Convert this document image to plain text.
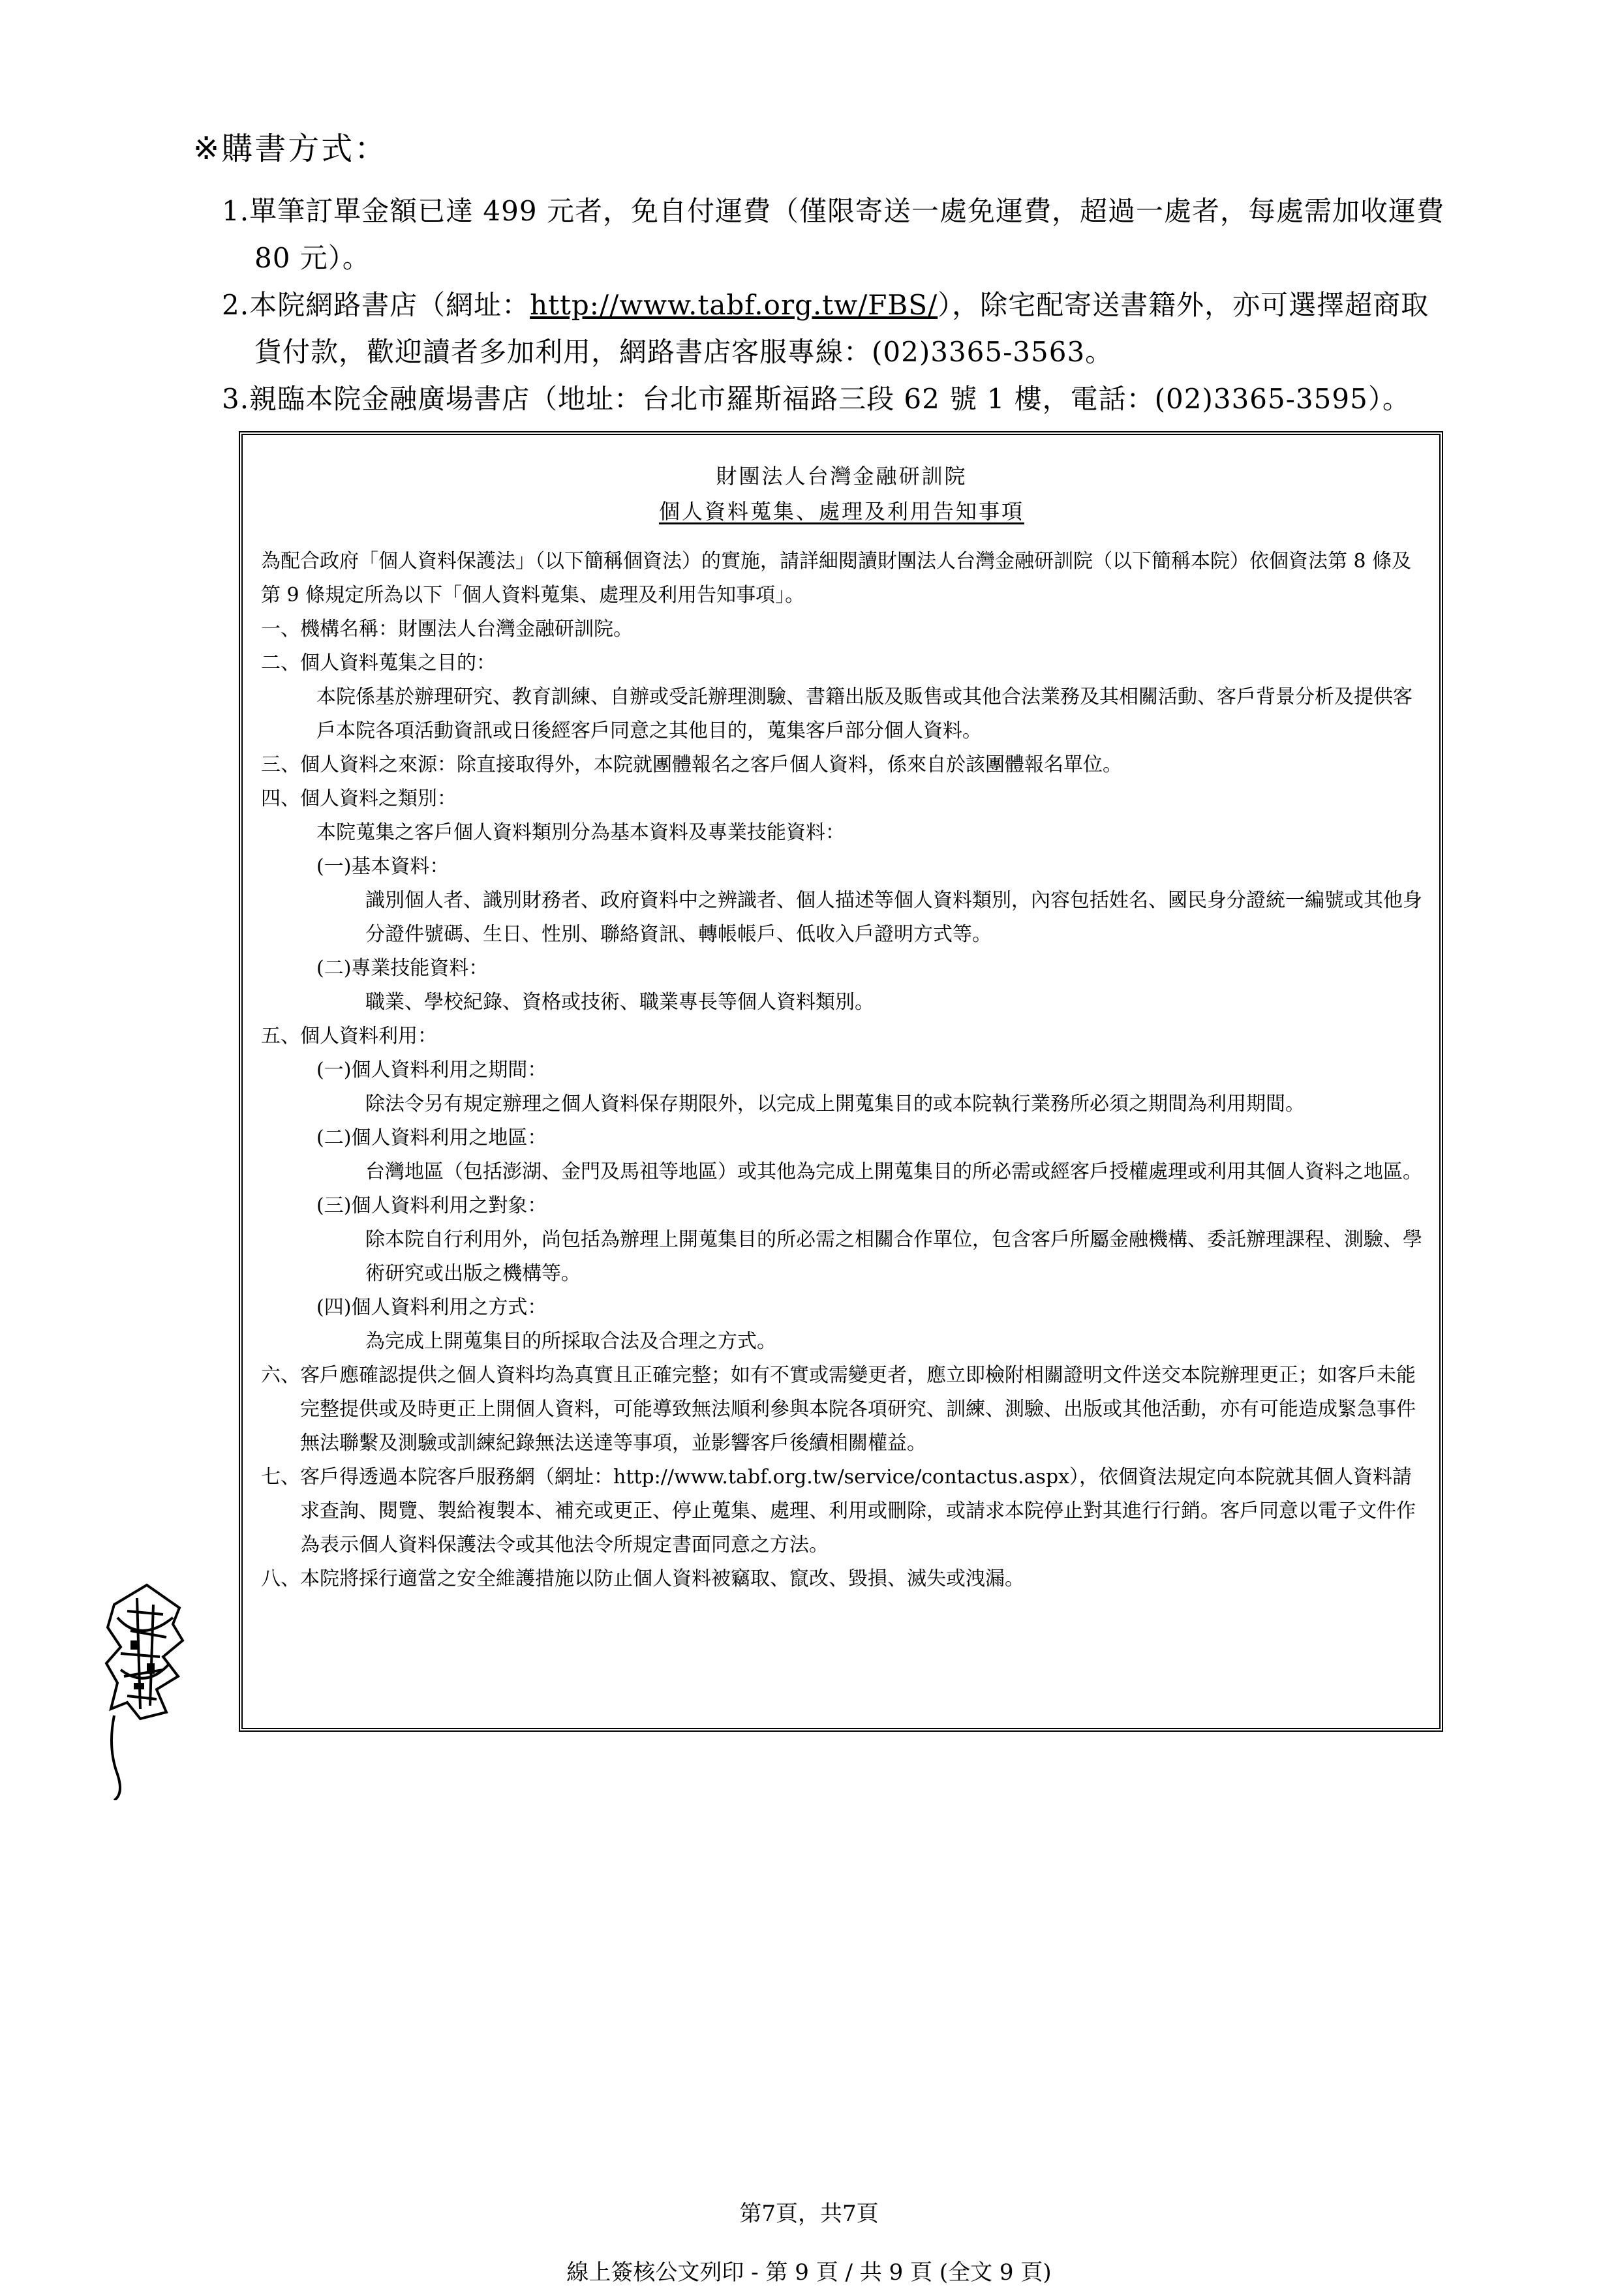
※購書方式：
1.單筆訂單金額已達 499 元者，免自付運費（僅限寄送一處免運費，超過一處者，每處需加收運費 80 元）。
2.本院網路書店（網址：http://www.tabf.org.tw/FBS/），除宅配寄送書籍外，亦可選擇超商取貨付款，歡迎讀者多加利用，網路書店客服專線：(02)3365-3563。
3.親臨本院金融廣場書店（地址：台北市羅斯福路三段 62 號 1 樓，電話：(02)3365-3595）。
財團法人台灣金融研訓院
個人資料蒐集、處理及利用告知事項
為配合政府「個人資料保護法」（以下簡稱個資法）的實施，請詳細閱讀財團法人台灣金融研訓院（以下簡稱本院）依個資法第 8 條及第 9 條規定所為以下「個人資料蒐集、處理及利用告知事項」。
一、機構名稱：財團法人台灣金融研訓院。
二、個人資料蒐集之目的：
本院係基於辦理研究、教育訓練、自辦或受託辦理測驗、書籍出版及販售或其他合法業務及其相關活動、客戶背景分析及提供客戶本院各項活動資訊或日後經客戶同意之其他目的，蒐集客戶部分個人資料。
三、個人資料之來源：除直接取得外，本院就團體報名之客戶個人資料，係來自於該團體報名單位。
四、個人資料之類別：
本院蒐集之客戶個人資料類別分為基本資料及專業技能資料：
(一)基本資料：
識別個人者、識別財務者、政府資料中之辨識者、個人描述等個人資料類別，內容包括姓名、國民身分證統一編號或其他身分證件號碼、生日、性別、聯絡資訊、轉帳帳戶、低收入戶證明方式等。
(二)專業技能資料：
職業、學校紀錄、資格或技術、職業專長等個人資料類別。
五、個人資料利用：
(一)個人資料利用之期間：
除法令另有規定辦理之個人資料保存期限外，以完成上開蒐集目的或本院執行業務所必須之期間為利用期間。
(二)個人資料利用之地區：
台灣地區（包括澎湖、金門及馬祖等地區）或其他為完成上開蒐集目的所必需或經客戶授權處理或利用其個人資料之地區。
(三)個人資料利用之對象：
除本院自行利用外，尚包括為辦理上開蒐集目的所必需之相關合作單位，包含客戶所屬金融機構、委託辦理課程、測驗、學術研究或出版之機構等。
(四)個人資料利用之方式：
為完成上開蒐集目的所採取合法及合理之方式。
六、客戶應確認提供之個人資料均為真實且正確完整；如有不實或需變更者，應立即檢附相關證明文件送交本院辦理更正；如客戶未能完整提供或及時更正上開個人資料，可能導致無法順利參與本院各項研究、訓練、測驗、出版或其他活動，亦有可能造成緊急事件無法聯繫及測驗或訓練紀錄無法送達等事項，並影響客戶後續相關權益。
七、客戶得透過本院客戶服務網（網址：http://www.tabf.org.tw/service/contactus.aspx），依個資法規定向本院就其個人資料請求查詢、閱覽、製給複製本、補充或更正、停止蒐集、處理、利用或刪除，或請求本院停止對其進行行銷。客戶同意以電子文件作為表示個人資料保護法令或其他法令所規定書面同意之方法。
八、本院將採行適當之安全維護措施以防止個人資料被竊取、竄改、毀損、滅失或洩漏。
第7頁，共7頁
線上簽核公文列印 - 第 9 頁 / 共 9 頁 (全文 9 頁)
